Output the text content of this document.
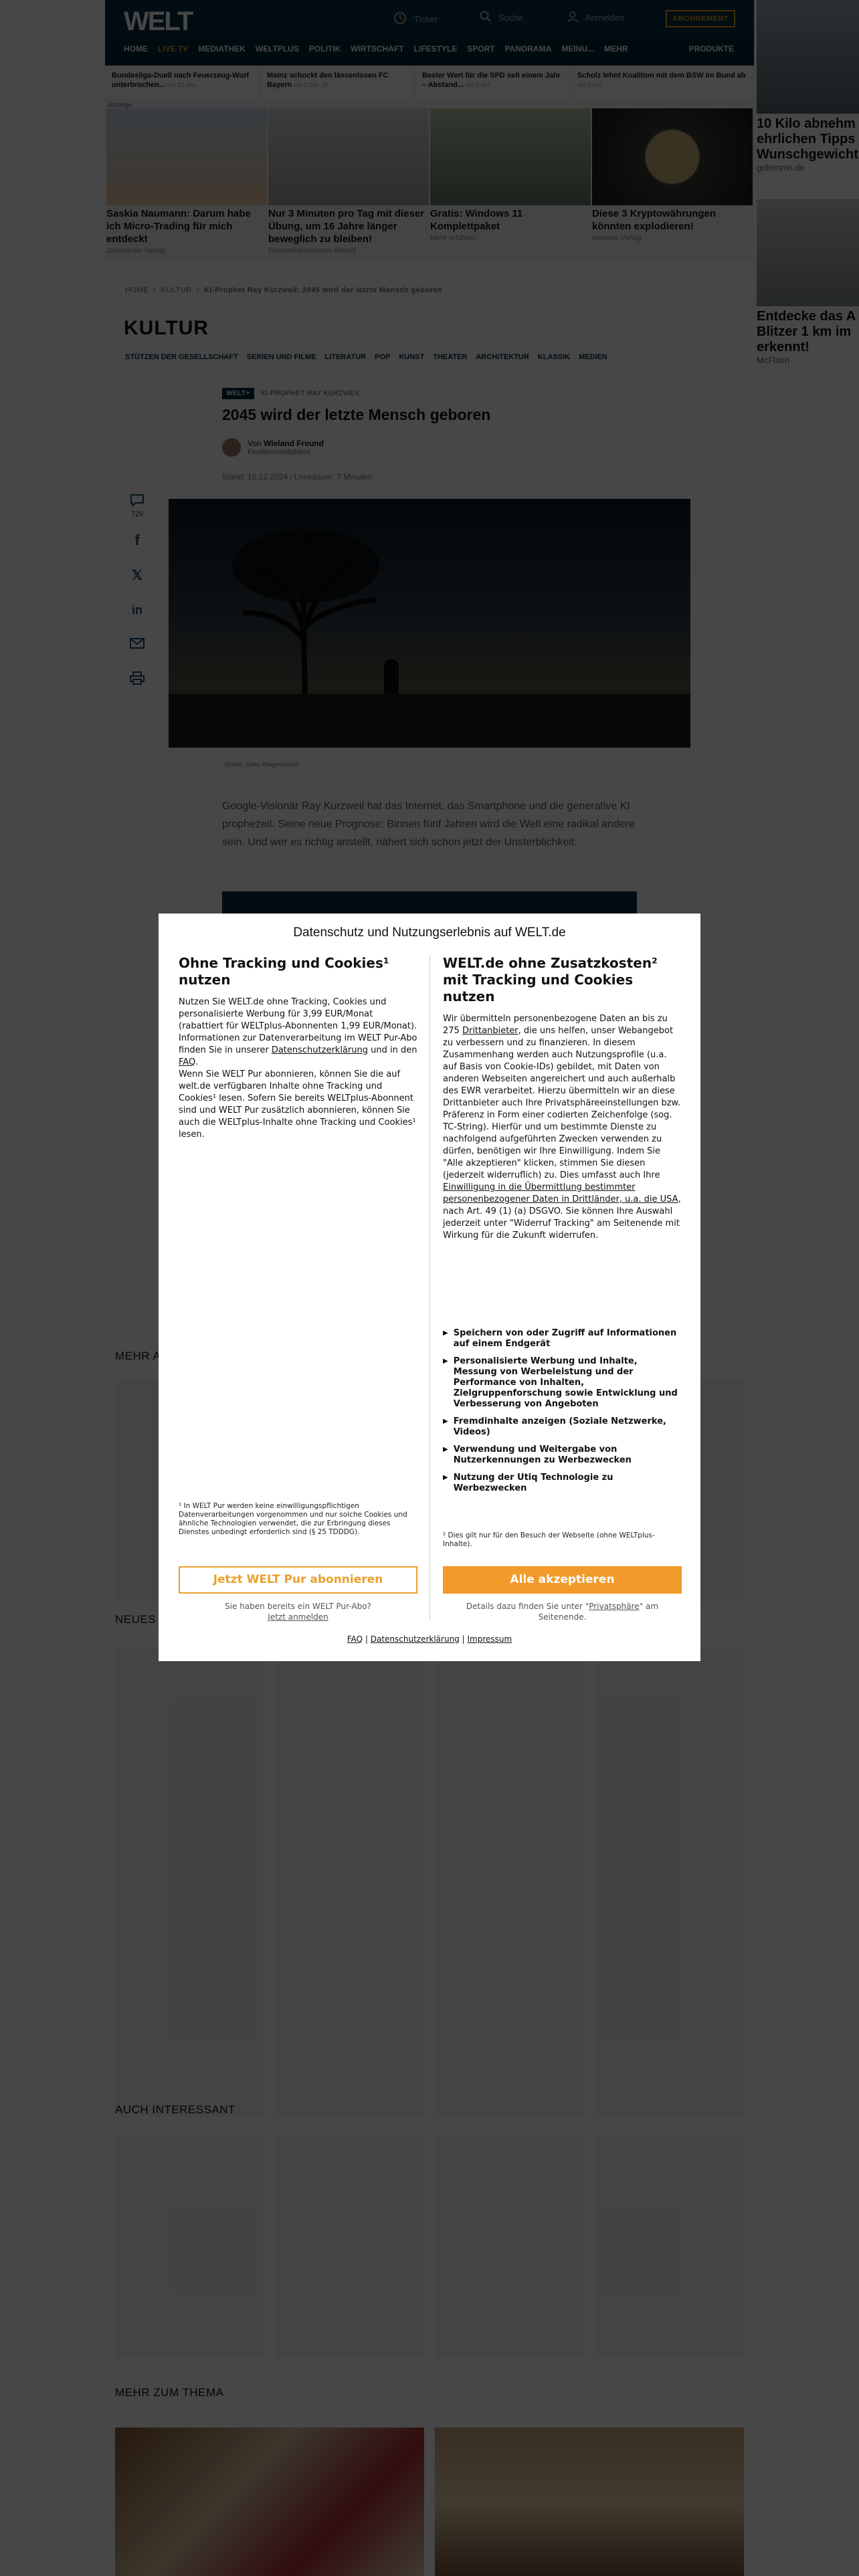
Datenschutz und Nutzungserlebnis auf WELT.de
Ohne Tracking und Cookies¹ nutzen

Nutzen Sie WELT.de ohne Tracking, Cookies und personalisierte Werbung für 3,99 EUR/Monat (rabattiert für WELTplus-Abonnenten 1,99 EUR/Monat). Informationen zur Datenverarbeitung im WELT Pur-Abo finden Sie in unserer Datenschutzerklärung und in den FAQ.
Wenn Sie WELT Pur abonnieren, können Sie die auf welt.de verfügbaren Inhalte ohne Tracking und Cookies¹ lesen. Sofern Sie bereits WELTplus-Abonnent sind und WELT Pur zusätzlich abonnieren, können Sie auch die WELTplus-Inhalte ohne Tracking und Cookies¹ lesen.

¹ In WELT Pur werden keine einwilligungspflichtigen Datenverarbeitungen vorgenommen und nur solche Cookies und ähnliche Technologien verwendet, die zur Erbringung dieses Dienstes unbedingt erforderlich sind (§ 25 TDDDG).
WELT.de ohne Zusatzkosten² mit Tracking und Cookies nutzen

Wir übermitteln personenbezogene Daten an bis zu 275 Drittanbieter, die uns helfen, unser Webangebot zu verbessern und zu finanzieren. In diesem Zusammenhang werden auch Nutzungsprofile (u.a. auf Basis von Cookie-IDs) gebildet, mit Daten von anderen Webseiten angereichert und auch außerhalb des EWR verarbeitet. Hierzu übermitteln wir an diese Drittanbieter auch Ihre Privatsphäreeinstellungen bzw. Präferenz in Form einer codierten Zeichenfolge (sog. TC-String). Hierfür und um bestimmte Dienste zu nachfolgend aufgeführten Zwecken verwenden zu dürfen, benötigen wir Ihre Einwilligung. Indem Sie "Alle akzeptieren" klicken, stimmen Sie diesen (jederzeit widerruflich) zu. Dies umfasst auch Ihre Einwilligung in die Übermittlung bestimmter personenbezogener Daten in Drittländer, u.a. die USA, nach Art. 49 (1) (a) DSGVO. Sie können Ihre Auswahl jederzeit unter "Widerruf Tracking" am Seitenende mit Wirkung für die Zukunft widerrufen.

▶ Speichern von oder Zugriff auf Informationen auf einem Endgerät
▶ Personalisierte Werbung und Inhalte, Messung von Werbeleistung und der Performance von Inhalten, Zielgruppenforschung sowie Entwicklung und Verbesserung von Angeboten
▶ Fremdinhalte anzeigen (Soziale Netzwerke, Videos)
▶ Verwendung und Weitergabe von Nutzerkennungen zu Werbezwecken
▶ Nutzung der Utiq Technologie zu Werbezwecken
² Dies gilt nur für den Besuch der Webseite (ohne WELTplus-Inhalte).
Jetzt WELT Pur abonnieren	Alle akzeptieren
Sie haben bereits ein WELT Pur-Abo?
Jetzt anmelden
Details dazu finden Sie unter "Privatsphäre" am Seitenende.
FAQ | Datenschutzerklärung | Impressum
